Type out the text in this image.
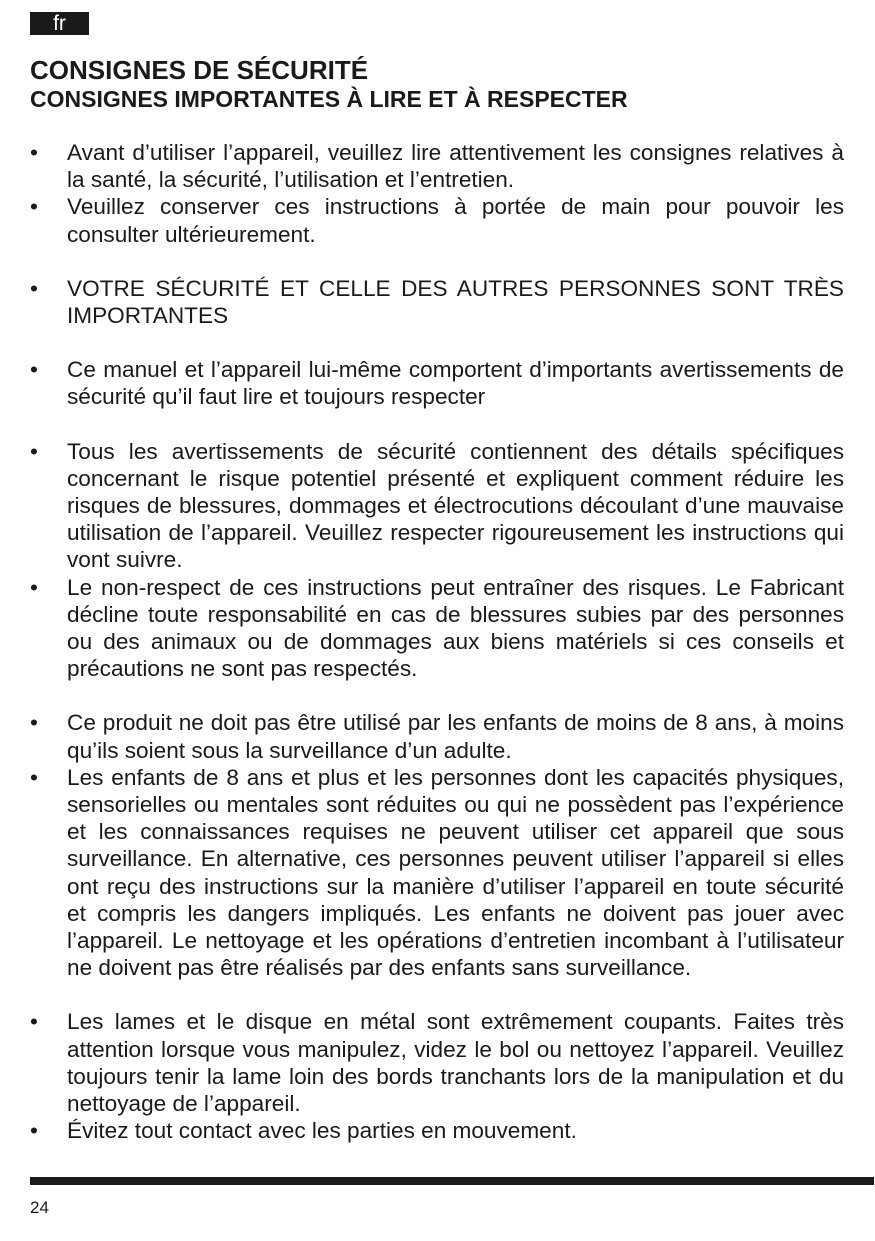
fr
CONSIGNES DE SÉCURITÉ
CONSIGNES IMPORTANTES À LIRE ET À RESPECTER
• Avant d’utiliser l’appareil, veuillez lire attentivement les consignes relatives à la santé, la sécurité, l’utilisation et l’entretien.
• Veuillez conserver ces instructions à portée de main pour pouvoir les consulter ultérieurement.
• VOTRE SÉCURITÉ ET CELLE DES AUTRES PERSONNES SONT TRÈS IMPORTANTES
• Ce manuel et l’appareil lui-même comportent d’importants avertissements de sécurité qu’il faut lire et toujours respecter
• Tous les avertissements de sécurité contiennent des détails spécifiques concernant le risque potentiel présenté et expliquent comment réduire les risques de blessures, dommages et électrocutions découlant d’une mauvaise utilisation de l’appareil. Veuillez respecter rigoureusement les instructions qui vont suivre.
• Le non-respect de ces instructions peut entraîner des risques. Le Fabricant décline toute responsabilité en cas de blessures subies par des personnes ou des animaux ou de dommages aux biens matériels si ces conseils et précautions ne sont pas respectés.
• Ce produit ne doit pas être utilisé par les enfants de moins de 8 ans, à moins qu’ils soient sous la surveillance d’un adulte.
• Les enfants de 8 ans et plus et les personnes dont les capacités physiques, sensorielles ou mentales sont réduites ou qui ne possèdent pas l’expérience et les connaissances requises ne peuvent utiliser cet appareil que sous surveillance. En alternative, ces personnes peuvent utiliser l’appareil si elles ont reçu des instructions sur la manière d’utiliser l’appareil en toute sécurité et compris les dangers impliqués. Les enfants ne doivent pas jouer avec l’appareil. Le nettoyage et les opérations d’entretien incombant à l’utilisateur ne doivent pas être réalisés par des enfants sans surveillance.
• Les lames et le disque en métal sont extrêmement coupants. Faites très attention lorsque vous manipulez, videz le bol ou nettoyez l’appareil. Veuillez toujours tenir la lame loin des bords tranchants lors de la manipulation et du nettoyage de l’appareil.
• Évitez tout contact avec les parties en mouvement.
24
